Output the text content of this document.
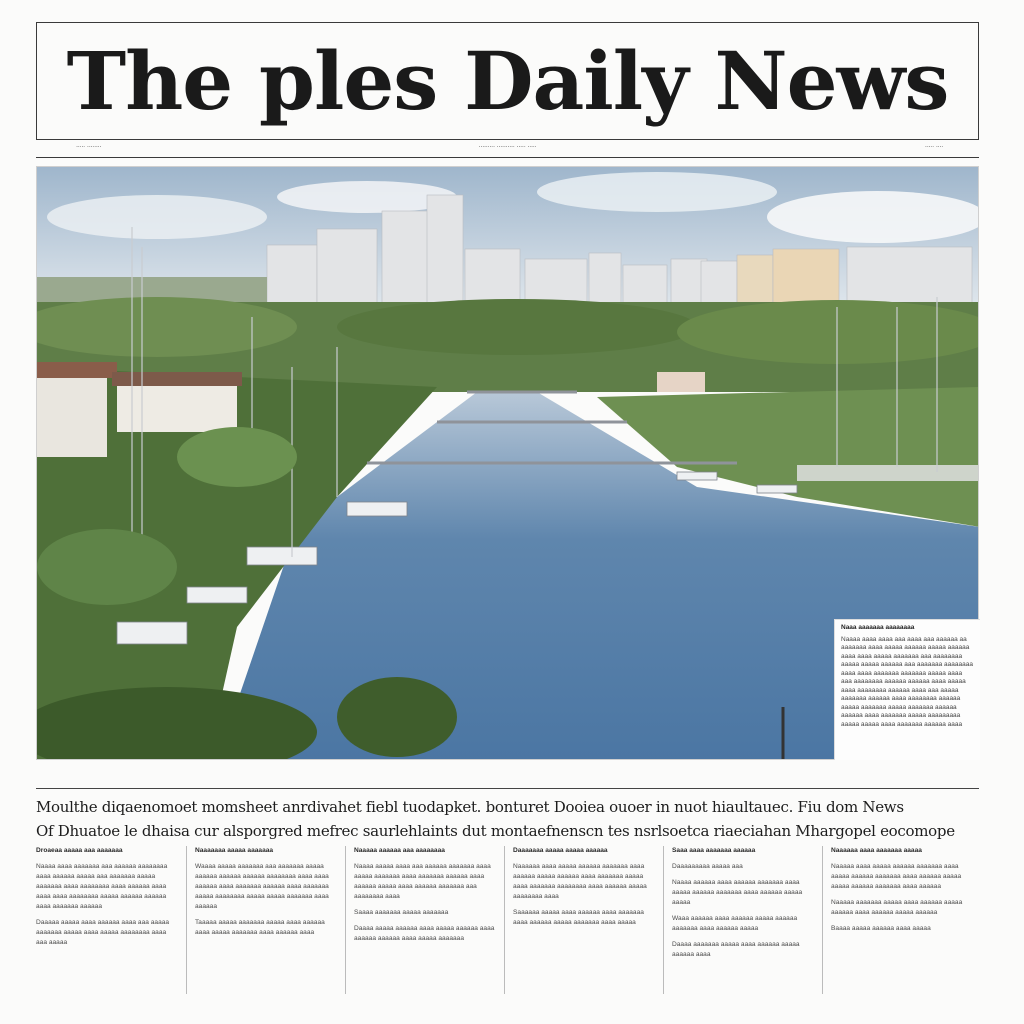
The ples Daily News
ᐧᐧᐧᐧᐧ ᐧᐧᐧᐧᐧᐧᐧᐧ	ᐧᐧᐧᐧᐧᐧᐧᐧᐧ ᐧᐧᐧᐧᐧᐧᐧᐧᐧᐧ ᐧᐧᐧᐧᐧ ᐧᐧᐧᐧᐧ	ᐧᐧᐧᐧᐧ ᐧᐧᐧᐧ
Naaa aaaaaaa aaaaaaaa
Naaaa aaaa aaaa aaa aaaa aaa aaaaaa aa aaaaaaa aaaa aaaaa aaaaaa aaaaa aaaaaa aaaa aaaa aaaaa aaaaaaa aaa aaaaaaaa aaaaa aaaaa aaaaaa aaa aaaaaaa aaaaaaaa aaaa aaaa aaaaaaa aaaaaaa aaaaa aaaa aaa aaaaaaaa aaaaaa aaaaaa aaaa aaaaa aaaa aaaaaaaa aaaaaa aaaa aaa aaaaa aaaaaaa aaaaaa aaaa aaaaaaaa aaaaaa aaaaa aaaaaaa aaaaa aaaaaaa aaaaaa aaaaaa aaaa aaaaaaa aaaaa aaaaaaaaa aaaaa aaaaa aaaa aaaaaaa aaaaaa aaaa
Moulthe diqaenomoet momsheet anrdivahet fiebl tuodapket. bonturet Dooiea ouoer in nuot hiaultauec. Fiu dom News
Of Dhuatoe le dhaisa cur alsporgred mefrec saurlehlaints dut montaefnenscn tes nsrlsoetca riaeciahan Mhargopel eocomope
Droaeaa aaaaa aaa aaaaaaa

Naaaa aaaa aaaaaaa aaa aaaaaa aaaaaaaa aaaa aaaaaa aaaaa aaa aaaaaaa aaaaa aaaaaaa aaaa aaaaaaaa aaaa aaaaaa aaaa aaaa aaaa aaaaaaaa aaaaa aaaaaa aaaaaa aaaa aaaaaaa aaaaaa

Daaaaa aaaaa aaaa aaaaaa aaaa aaa aaaaa aaaaaaa aaaaa aaaa aaaaa aaaaaaaa aaaa aaa aaaaa

Naaaaaaa aaaaa aaaaaaa

Waaaa aaaaa aaaaaaa aaa aaaaaaa aaaaa aaaaaa aaaaaa aaaaaa aaaaaaaa aaaa aaaa aaaaaa aaaa aaaaaaa aaaaaa aaaa aaaaaaa aaaaa aaaaaaaa aaaaa aaaaa aaaaaaa aaaa aaaaaa

Taaaaa aaaaa aaaaaaa aaaaa aaaa aaaaaa aaaa aaaaa aaaaaaa aaaa aaaaaa aaaa

Naaaaa aaaaaa aaa aaaaaaaa

Naaaa aaaaa aaaa aaa aaaaaa aaaaaaa aaaa aaaaa aaaaaaa aaaa aaaaaaa aaaaaa aaaa aaaaaa aaaaa aaaa aaaaaa aaaaaaa aaa aaaaaaaa aaaa

Saaaa aaaaaaa aaaaa aaaaaaa

Daaaa aaaaa aaaaaa aaaa aaaaa aaaaaa aaaa aaaaaa aaaaaa aaaa aaaaa aaaaaaa

Daaaaaaa aaaaa aaaaa aaaaaa

Naaaaaa aaaa aaaaa aaaaaa aaaaaaa aaaa aaaaaa aaaaa aaaaaa aaaa aaaaaaa aaaaa aaaa aaaaaaa aaaaaaaa aaaa aaaaaa aaaaa aaaaaaaa aaaa

Saaaaaa aaaaa aaaa aaaaaa aaaa aaaaaaa aaaa aaaaaa aaaaa aaaaaaa aaaa aaaaa

Saaa aaaa aaaaaaa aaaaaa

Daaaaaaaaa aaaaa aaa

Naaaa aaaaaa aaaa aaaaaa aaaaaaa aaaa aaaaa aaaaaa aaaaaaa aaaa aaaaaa aaaaa aaaaa

Waaa aaaaaa aaaa aaaaaa aaaaa aaaaaa aaaaaaa aaaa aaaaaa aaaaa

Daaaa aaaaaaa aaaaa aaaa aaaaaa aaaaa aaaaaa aaaa

Naaaaaa aaaa aaaaaaa aaaaa

Naaaaa aaaa aaaaa aaaaaa aaaaaaa aaaa aaaaa aaaaaa aaaaaaa aaaa aaaaaa aaaaa aaaaa aaaaaa aaaaaaa aaaa aaaaaa

Naaaaa aaaaaaa aaaaa aaaa aaaaaa aaaaa aaaaaa aaaa aaaaaa aaaaa aaaaaa

Baaaa aaaaa aaaaaa aaaa aaaaa
